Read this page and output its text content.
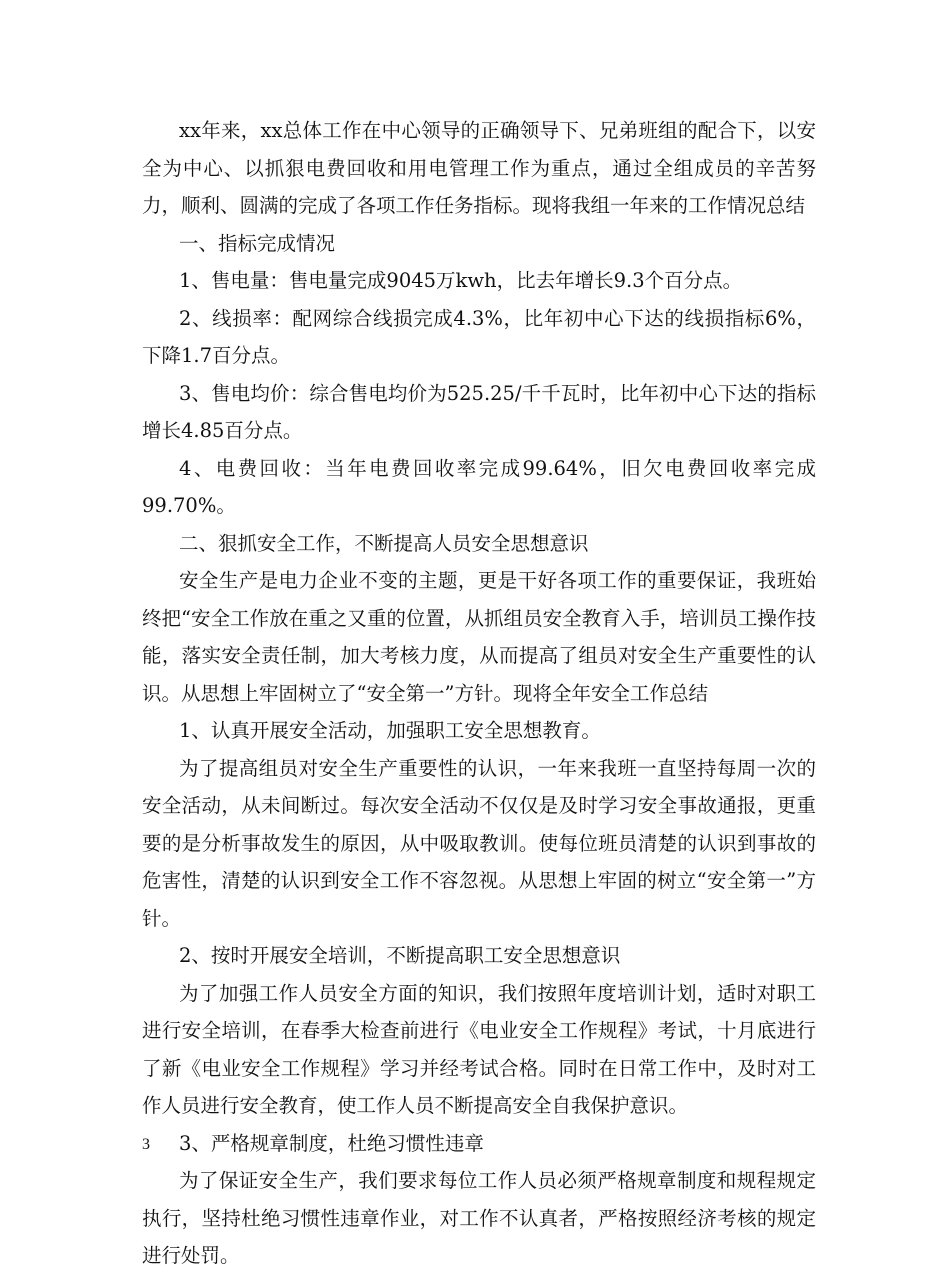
xx年来，xx总体工作在中心领导的正确领导下、兄弟班组的配合下，以安全为中心、以抓狠电费回收和用电管理工作为重点，通过全组成员的辛苦努力，顺利、圆满的完成了各项工作任务指标。现将我组一年来的工作情况总结

一、指标完成情况

1、售电量：售电量完成9045万kwh，比去年增长9.3个百分点。

2、线损率：配网综合线损完成4.3%，比年初中心下达的线损指标6%，下降1.7百分点。

3、售电均价：综合售电均价为525.25/千千瓦时，比年初中心下达的指标增长4.85百分点。

4、电费回收：当年电费回收率完成99.64%，旧欠电费回收率完成99.70%。

二、狠抓安全工作，不断提高人员安全思想意识

安全生产是电力企业不变的主题，更是干好各项工作的重要保证，我班始终把“安全工作放在重之又重的位置，从抓组员安全教育入手，培训员工操作技能，落实安全责任制，加大考核力度，从而提高了组员对安全生产重要性的认识。从思想上牢固树立了“安全第一”方针。现将全年安全工作总结

1、认真开展安全活动，加强职工安全思想教育。

为了提高组员对安全生产重要性的认识，一年来我班一直坚持每周一次的安全活动，从未间断过。每次安全活动不仅仅是及时学习安全事故通报，更重要的是分析事故发生的原因，从中吸取教训。使每位班员清楚的认识到事故的危害性，清楚的认识到安全工作不容忽视。从思想上牢固的树立“安全第一”方针。

2、按时开展安全培训，不断提高职工安全思想意识

为了加强工作人员安全方面的知识，我们按照年度培训计划，适时对职工进行安全培训，在春季大检查前进行《电业安全工作规程》考试，十月底进行了新《电业安全工作规程》学习并经考试合格。同时在日常工作中，及时对工作人员进行安全教育，使工作人员不断提高安全自我保护意识。

3、严格规章制度，杜绝习惯性违章

为了保证安全生产，我们要求每位工作人员必须严格规章制度和规程规定执行，坚持杜绝习惯性违章作业，对工作不认真者，严格按照经济考核的规定进行处罚。

3
